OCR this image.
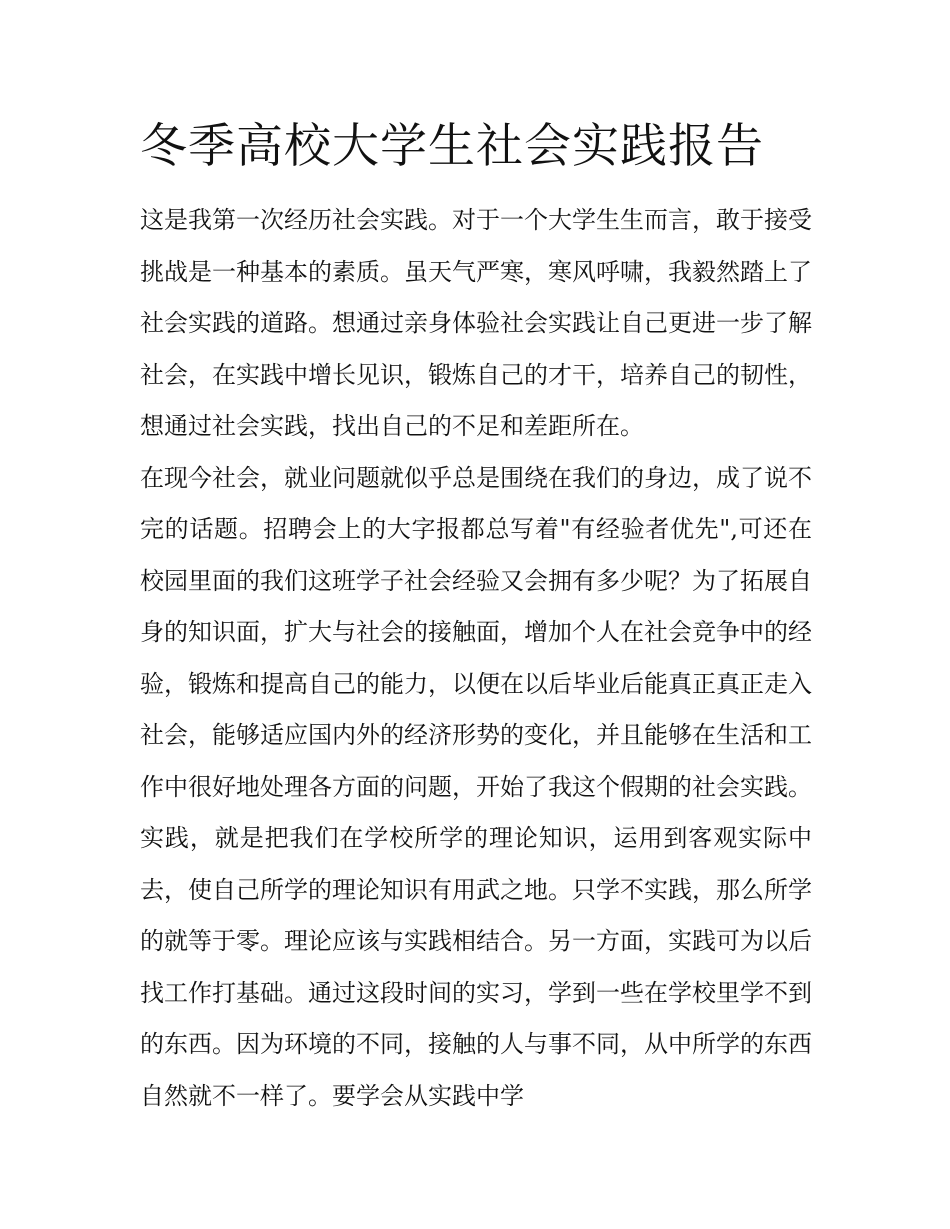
冬季高校大学生社会实践报告

这是我第一次经历社会实践。对于一个大学生生而言，敢于接受挑战是一种基本的素质。虽天气严寒，寒风呼啸，我毅然踏上了社会实践的道路。想通过亲身体验社会实践让自己更进一步了解社会，在实践中增长见识，锻炼自己的才干，培养自己的韧性，想通过社会实践，找出自己的不足和差距所在。

在现今社会，就业问题就似乎总是围绕在我们的身边，成了说不完的话题。招聘会上的大字报都总写着"有经验者优先",可还在校园里面的我们这班学子社会经验又会拥有多少呢？为了拓展自身的知识面，扩大与社会的接触面，增加个人在社会竞争中的经验，锻炼和提高自己的能力，以便在以后毕业后能真正真正走入社会，能够适应国内外的经济形势的变化，并且能够在生活和工作中很好地处理各方面的问题，开始了我这个假期的社会实践。实践，就是把我们在学校所学的理论知识，运用到客观实际中去，使自己所学的理论知识有用武之地。只学不实践，那么所学的就等于零。理论应该与实践相结合。另一方面，实践可为以后找工作打基础。通过这段时间的实习，学到一些在学校里学不到的东西。因为环境的不同，接触的人与事不同，从中所学的东西自然就不一样了。要学会从实践中学
